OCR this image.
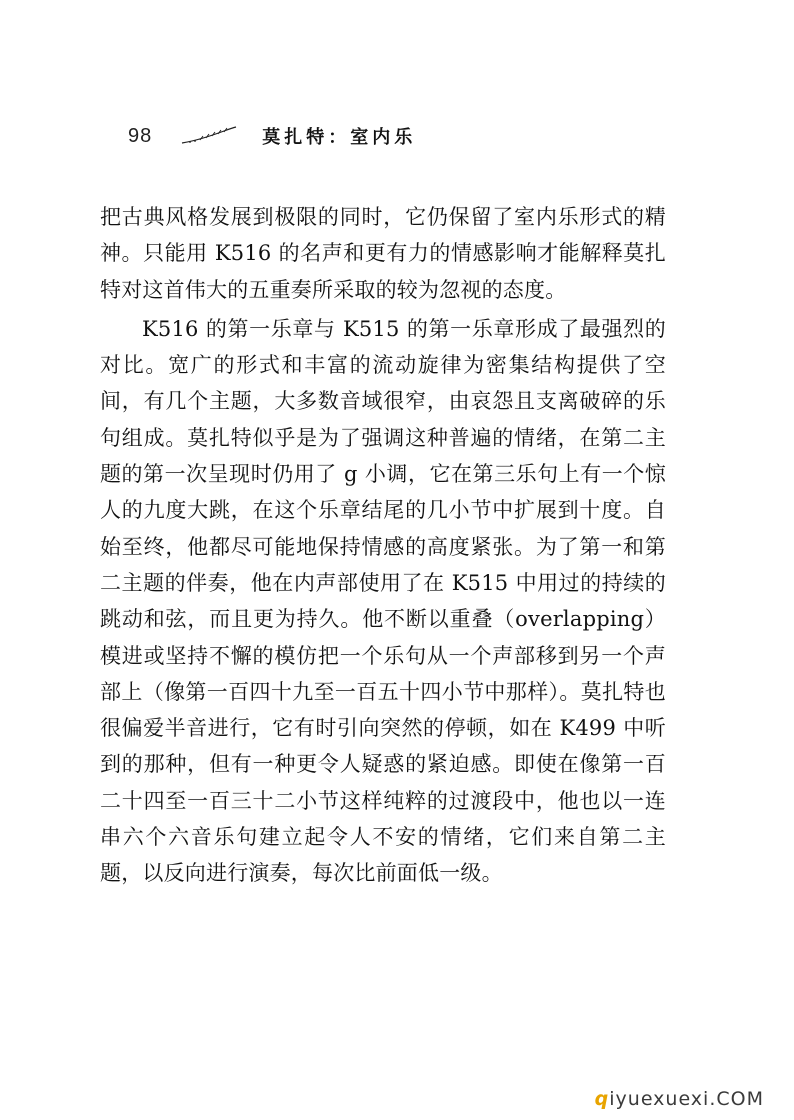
98	莫扎特：室内乐

把古典风格发展到极限的同时，它仍保留了室内乐形式的精神。只能用 K516 的名声和更有力的情感影响才能解释莫扎特对这首伟大的五重奏所采取的较为忽视的态度。

K516 的第一乐章与 K515 的第一乐章形成了最强烈的对比。宽广的形式和丰富的流动旋律为密集结构提供了空间，有几个主题，大多数音域很窄，由哀怨且支离破碎的乐句组成。莫扎特似乎是为了强调这种普遍的情绪，在第二主题的第一次呈现时仍用了 g 小调，它在第三乐句上有一个惊人的九度大跳，在这个乐章结尾的几小节中扩展到十度。自始至终，他都尽可能地保持情感的高度紧张。为了第一和第二主题的伴奏，他在内声部使用了在 K515 中用过的持续的跳动和弦，而且更为持久。他不断以重叠（overlapping）模进或坚持不懈的模仿把一个乐句从一个声部移到另一个声部上（像第一百四十九至一百五十四小节中那样）。莫扎特也很偏爱半音进行，它有时引向突然的停顿，如在 K499 中听到的那种，但有一种更令人疑惑的紧迫感。即使在像第一百二十四至一百三十二小节这样纯粹的过渡段中，他也以一连串六个六音乐句建立起令人不安的情绪，它们来自第二主题，以反向进行演奏，每次比前面低一级。

q iyuexuexi.COM
